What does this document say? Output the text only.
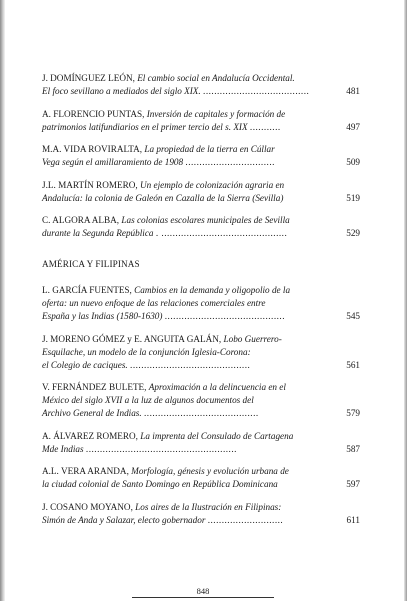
J. DOMÍNGUEZ LEÓN, El cambio social en Andalucía Occidental.
El foco sevillano a mediados del siglo XIX. ......................................	481
A. FLORENCIO PUNTAS, Inversión de capitales y formación de
patrimonios latifundiarios en el primer tercio del s. XIX ...........	497
M.A. VIDA ROVIRALTA, La propiedad de la tierra en Cúllar
Vega según el amillaramiento de 1908 ................................	509
J.L. MARTÍN ROMERO, Un ejemplo de colonización agraria en
Andalucía: la colonia de Galeón en Cazalla de la Sierra (Sevilla)	519
C. ALGORA ALBA, Las colonias escolares municipales de Sevilla
durante la Segunda República . .............................................	529
AMÉRICA Y FILIPINAS
L. GARCÍA FUENTES, Cambios en la demanda y oligopolio de la
oferta: un nuevo enfoque de las relaciones comerciales entre
España y las Indias (1580-1630) ...........................................	545
J. MORENO GÓMEZ y E. ANGUITA GALÁN, Lobo Guerrero-
Esquilache, un modelo de la conjunción Iglesia-Corona:
el Colegio de caciques. ...........................................	561
V. FERNÁNDEZ BULETE, Aproximación a la delincuencia en el
México del siglo XVII a la luz de algunos documentos del
Archivo General de Indias. .........................................	579
A. ÁLVAREZ ROMERO, La imprenta del Consulado de Cartagena
Mde Indias ......................................................	587
A.L. VERA ARANDA, Morfología, génesis y evolución urbana de
la ciudad colonial de Santo Domingo en República Dominicana	597
J. COSANO MOYANO, Los aires de la Ilustración en Filipinas:
Simón de Anda y Salazar, electo gobernador ...........................	611
848
